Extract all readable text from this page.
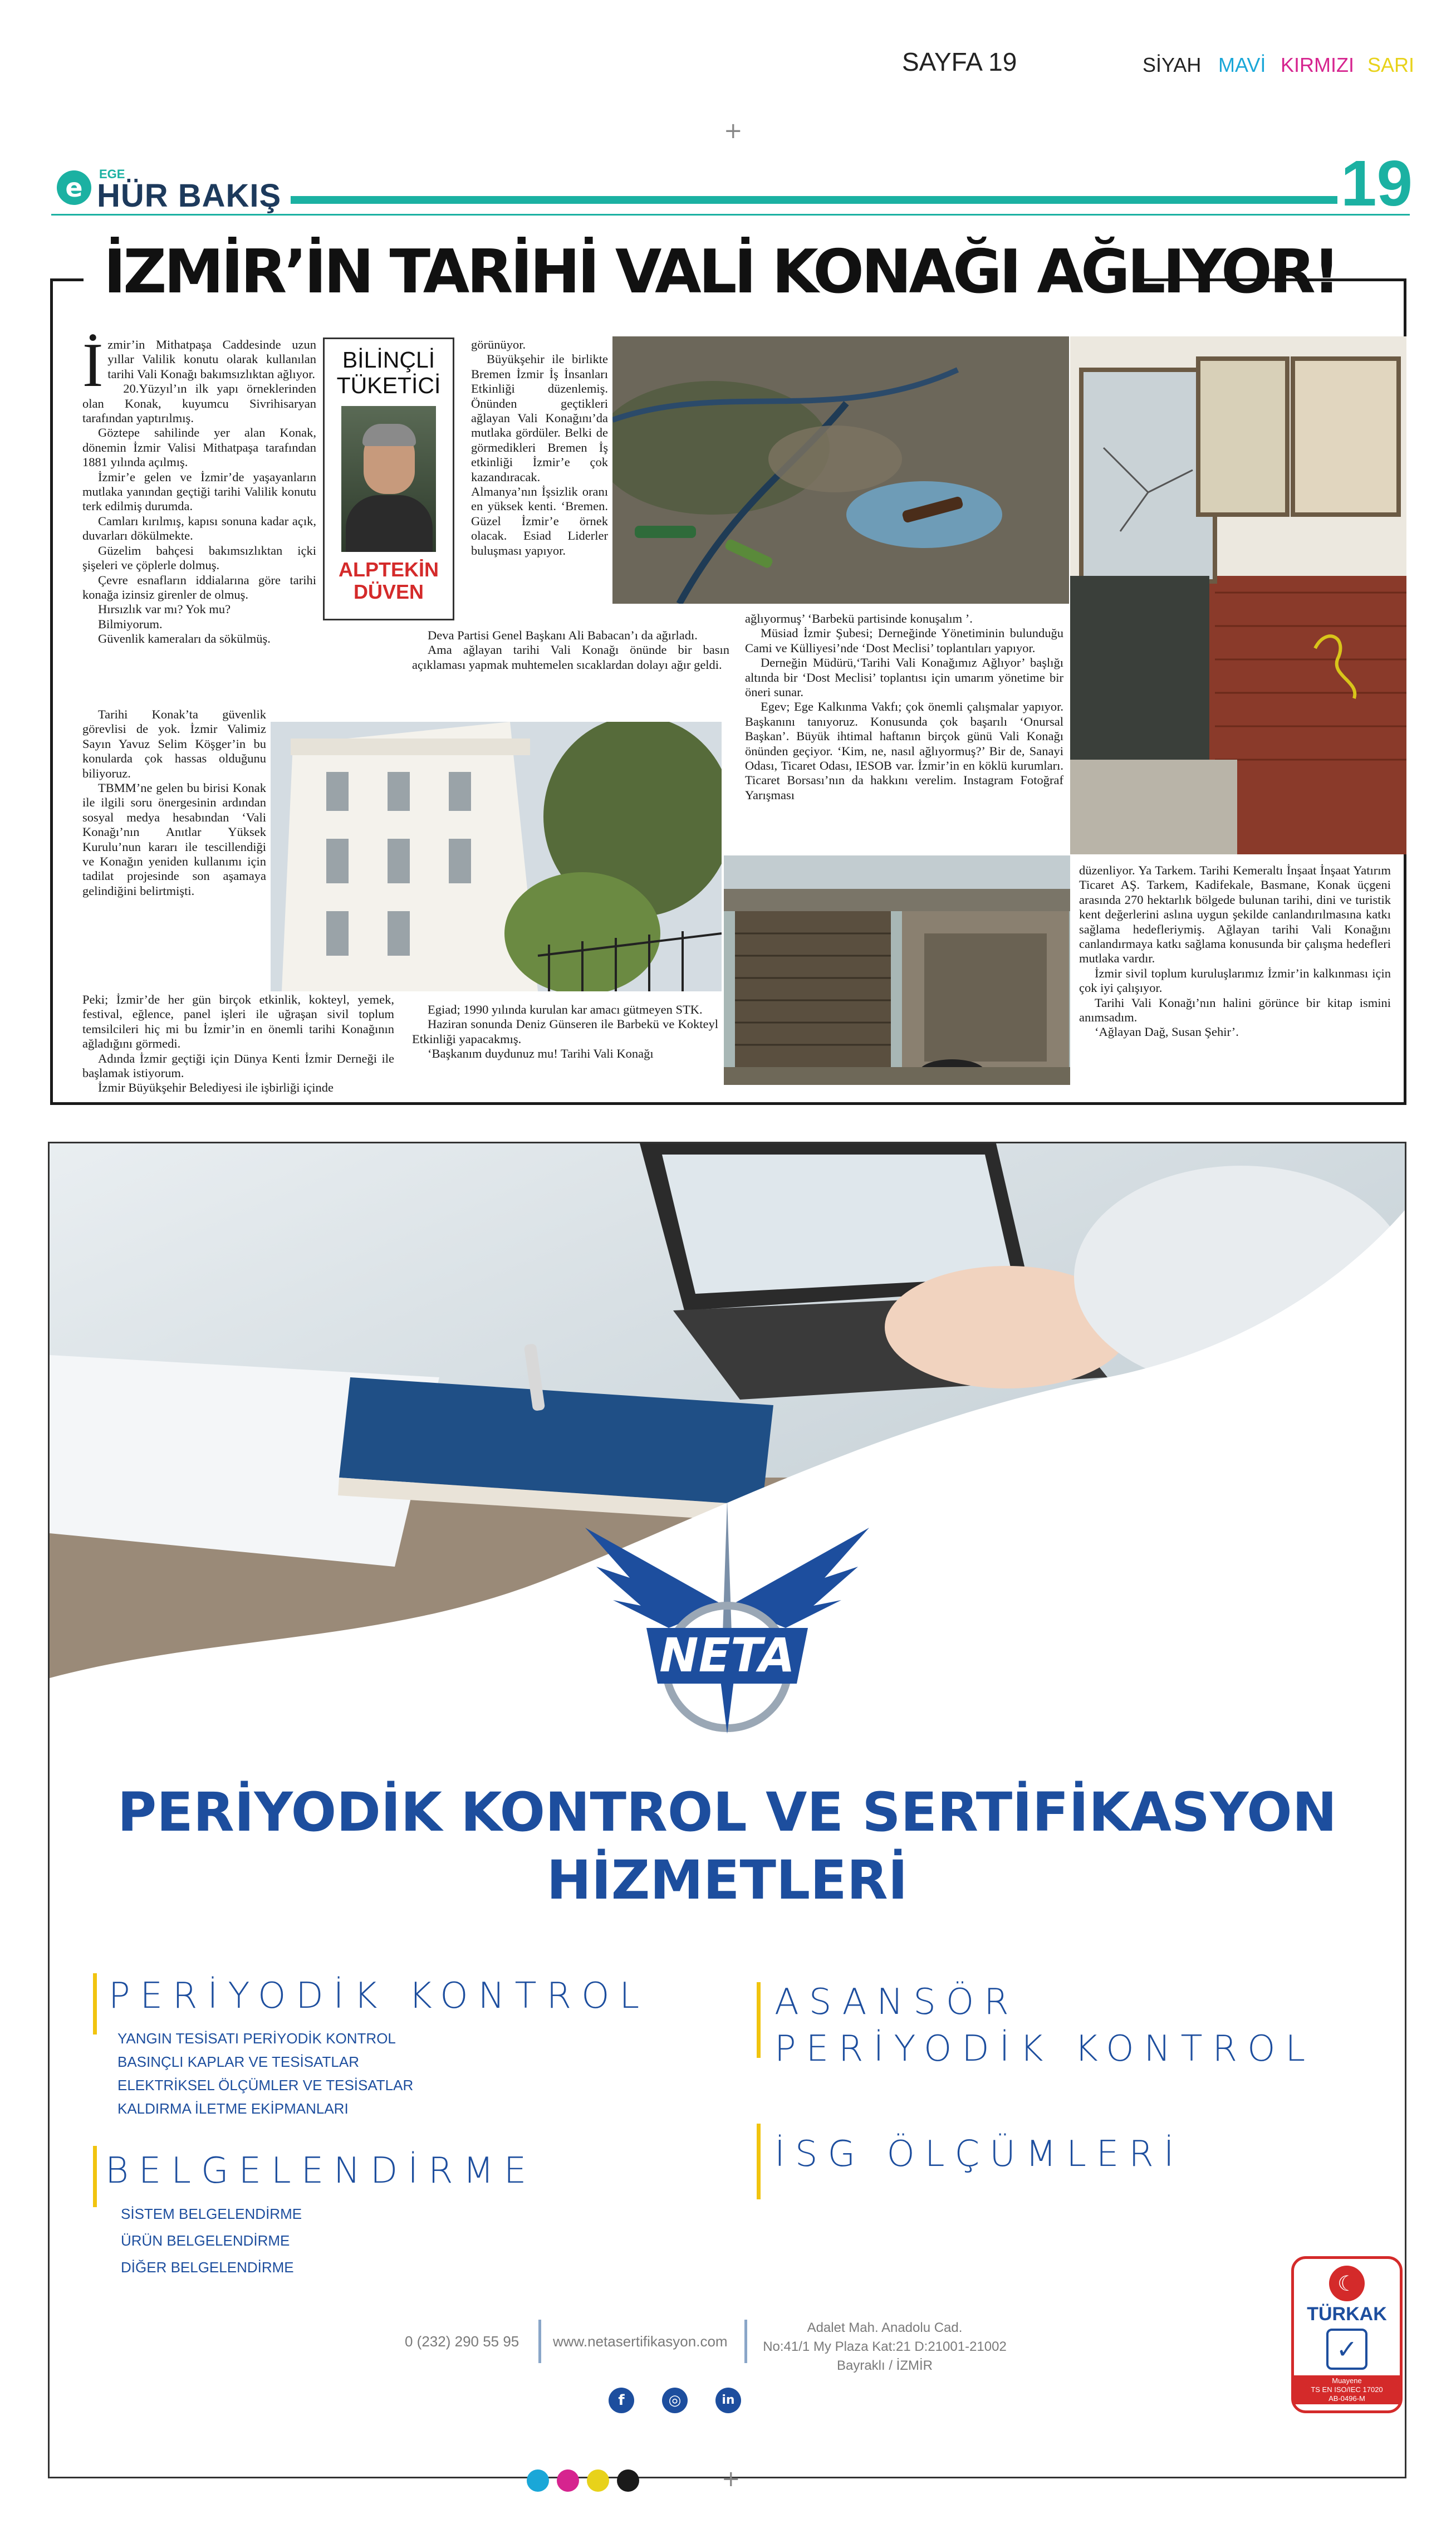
SAYFA 19	SİYAH MAVİ KIRMIZI SARI
+
e	EGE
HÜR BAKIŞ	19
İZMİR’İN TARİHİ VALİ KONAĞI AĞLIYOR!
İ zmir’in Mithatpaşa Caddesinde uzun yıllar Valilik konutu olarak kullanılan tarihi Vali Konağı bakımsızlıktan ağlıyor.

20.Yüzyıl’ın ilk yapı örneklerinden olan Konak, kuyumcu Sivrihisaryan tarafından yaptırılmış.

Göztepe sahilinde yer alan Konak, dönemin İzmir Valisi Mithatpaşa tarafından 1881 yılında açılmış.

İzmir’e gelen ve İzmir’de yaşayanların mutlaka yanından geçtiği tarihi Valilik konutu terk edilmiş durumda.

Camları kırılmış, kapısı sonuna kadar açık, duvarları dökülmekte.

Güzelim bahçesi bakımsızlıktan içki şişeleri ve çöplerle dolmuş.

Çevre esnafların iddialarına göre tarihi konağa izinsiz girenler de olmuş.

Hırsızlık var mı? Yok mu?

Bilmiyorum.

Güvenlik kameraları da sökülmüş.

Tarihi Konak’ta güvenlik görevlisi de yok. İzmir Valimiz Sayın Yavuz Selim Köşger’in bu konularda çok hassas olduğunu biliyoruz.

TBMM’ne gelen bu birisi Konak ile ilgili soru önergesinin ardından sosyal medya hesabından ‘Vali Konağı’nın Anıtlar Yüksek Kurulu’nun kararı ile tescillendiği ve Konağın yeniden kullanımı için tadilat projesinde son aşamaya gelindiğini belirtmişti.

Peki; İzmir’de her gün birçok etkinlik, kokteyl, yemek, festival, eğlence, panel işleri ile uğraşan sivil toplum temsilcileri hiç mi bu İzmir’in en önemli tarihi Konağının ağladığını görmedi.

Adında İzmir geçtiği için Dünya Kenti İzmir Derneği ile başlamak istiyorum.

İzmir Büyükşehir Belediyesi ile işbirliği içinde

BİLİNÇLİ
TÜKETİCİ
ALPTEKİN
DÜVEN

görünüyor.

Büyükşehir ile birlikte Bremen İzmir İş İnsanları Etkinliği düzenlemiş. Önünden geçtikleri ağlayan Vali Konağını’da mutlaka gördüler. Belki de görmedikleri Bremen İş etkinliği İzmir’e çok kazandıracak. Almanya’nın İşsizlik oranı en yüksek kenti. ‘Bremen. Güzel İzmir’e örnek olacak. Esiad Liderler buluşması yapıyor.

Deva Partisi Genel Başkanı Ali Babacan’ı da ağırladı.

Ama ağlayan tarihi Vali Konağı önünde bir basın açıklaması yapmak muhtemelen sıcaklardan dolayı ağır geldi.

Egiad; 1990 yılında kurulan kar amacı gütmeyen STK.

Haziran sonunda Deniz Günseren ile Barbekü ve Kokteyl Etkinliği yapacakmış.

‘Başkanım duydunuz mu! Tarihi Vali Konağı

ağlıyormuş’ ‘Barbekü partisinde konuşalım ’.

Müsiad İzmir Şubesi; Derneğinde Yönetiminin bulunduğu Cami ve Külliyesi’nde ‘Dost Meclisi’ toplantıları yapıyor.

Derneğin Müdürü,‘Tarihi Vali Konağımız Ağlıyor’ başlığı altında bir ‘Dost Meclisi’ toplantısı için umarım yönetime bir öneri sunar.

Egev; Ege Kalkınma Vakfı; çok önemli çalışmalar yapıyor. Başkanını tanıyoruz. Konusunda çok başarılı ‘Onursal Başkan’. Büyük ihtimal haftanın birçok günü Vali Konağı önünden geçiyor. ‘Kim, ne, nasıl ağlıyormuş?’ Bir de, Sanayi Odası, Ticaret Odası, IESOB var. İzmir’in en köklü kurumları. Ticaret Borsası’nın da hakkını verelim. Instagram Fotoğraf Yarışması

düzenliyor. Ya Tarkem. Tarihi Kemeraltı İnşaat İnşaat Yatırım Ticaret AŞ. Tarkem, Kadifekale, Basmane, Konak üçgeni arasında 270 hektarlık bölgede bulunan tarihi, dini ve turistik kent değerlerini aslına uygun şekilde canlandırılmasına katkı sağlama hedefleriymiş. Ağlayan tarihi Vali Konağını canlandırmaya katkı sağlama konusunda bir çalışma hedefleri mutlaka vardır.

İzmir sivil toplum kuruluşlarımız İzmir’in kalkınması için çok iyi çalışıyor.

Tarihi Vali Konağı’nın halini görünce bir kitap ismini anımsadım.

‘Ağlayan Dağ, Susan Şehir’.

NETA
PERİYODİK KONTROL VE SERTİFİKASYON
HİZMETLERİ
PERİYODİK KONTROL
YANGIN TESİSATI PERİYODİK KONTROL
BASINÇLI KAPLAR VE TESİSATLAR
ELEKTRİKSEL ÖLÇÜMLER VE TESİSATLAR
KALDIRMA İLETME EKİPMANLARI
BELGELENDİRME
SİSTEM BELGELENDİRME
ÜRÜN BELGELENDİRME
DİĞER BELGELENDİRME
ASANSÖR
PERİYODİK KONTROL
İSG ÖLÇÜMLERİ
0 (232) 290 55 95 www.netasertifikasyon.com
Adalet Mah. Anadolu Cad.
No:41/1 My Plaza Kat:21 D:21001-21002
Bayraklı / İZMİR
f	◎	in
☾
TÜRKAK
✓
Muayene
TS EN ISO/IEC 17020
AB-0496-M
+
